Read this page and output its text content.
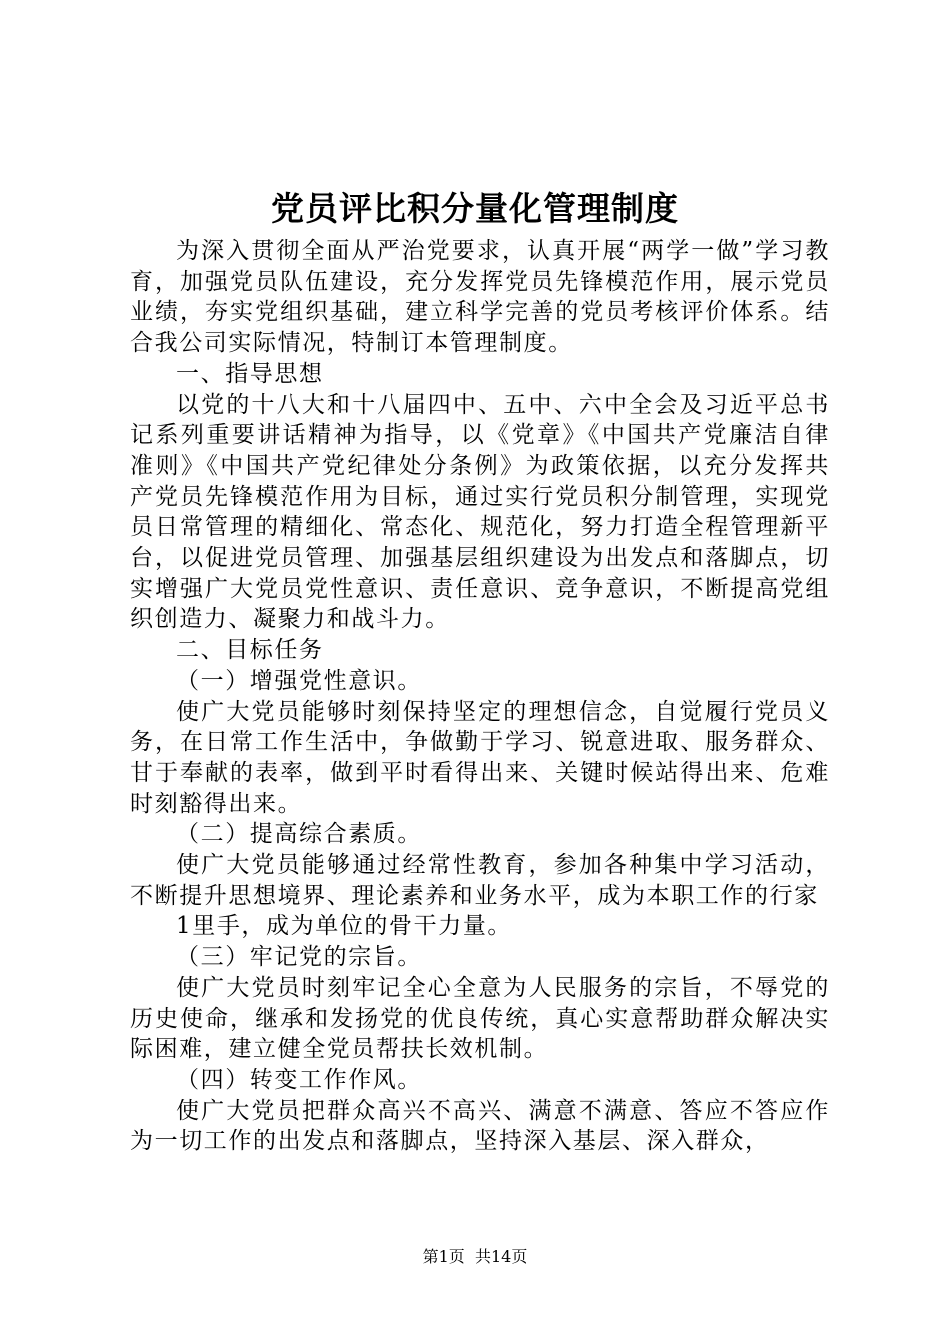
党员评比积分量化管理制度

为深入贯彻全面从严治党要求，认真开展“两学一做”学习教育，加强党员队伍建设，充分发挥党员先锋模范作用，展示党员业绩，夯实党组织基础，建立科学完善的党员考核评价体系。结合我公司实际情况，特制订本管理制度。

一、指导思想

以党的十八大和十八届四中、五中、六中全会及习近平总书记系列重要讲话精神为指导，以《党章》《中国共产党廉洁自律准则》《中国共产党纪律处分条例》为政策依据，以充分发挥共产党员先锋模范作用为目标，通过实行党员积分制管理，实现党员日常管理的精细化、常态化、规范化，努力打造全程管理新平台，以促进党员管理、加强基层组织建设为出发点和落脚点，切实增强广大党员党性意识、责任意识、竞争意识，不断提高党组织创造力、凝聚力和战斗力。

二、目标任务

（一）增强党性意识。

使广大党员能够时刻保持坚定的理想信念，自觉履行党员义务，在日常工作生活中，争做勤于学习、锐意进取、服务群众、甘于奉献的表率，做到平时看得出来、关键时候站得出来、危难时刻豁得出来。

（二）提高综合素质。

使广大党员能够通过经常性教育，参加各种集中学习活动，不断提升思想境界、理论素养和业务水平，成为本职工作的行家

1里手，成为单位的骨干力量。

（三）牢记党的宗旨。

使广大党员时刻牢记全心全意为人民服务的宗旨，不辱党的历史使命，继承和发扬党的优良传统，真心实意帮助群众解决实际困难，建立健全党员帮扶长效机制。

（四）转变工作作风。

使广大党员把群众高兴不高兴、满意不满意、答应不答应作为一切工作的出发点和落脚点，坚持深入基层、深入群众，

第1页 共14页
